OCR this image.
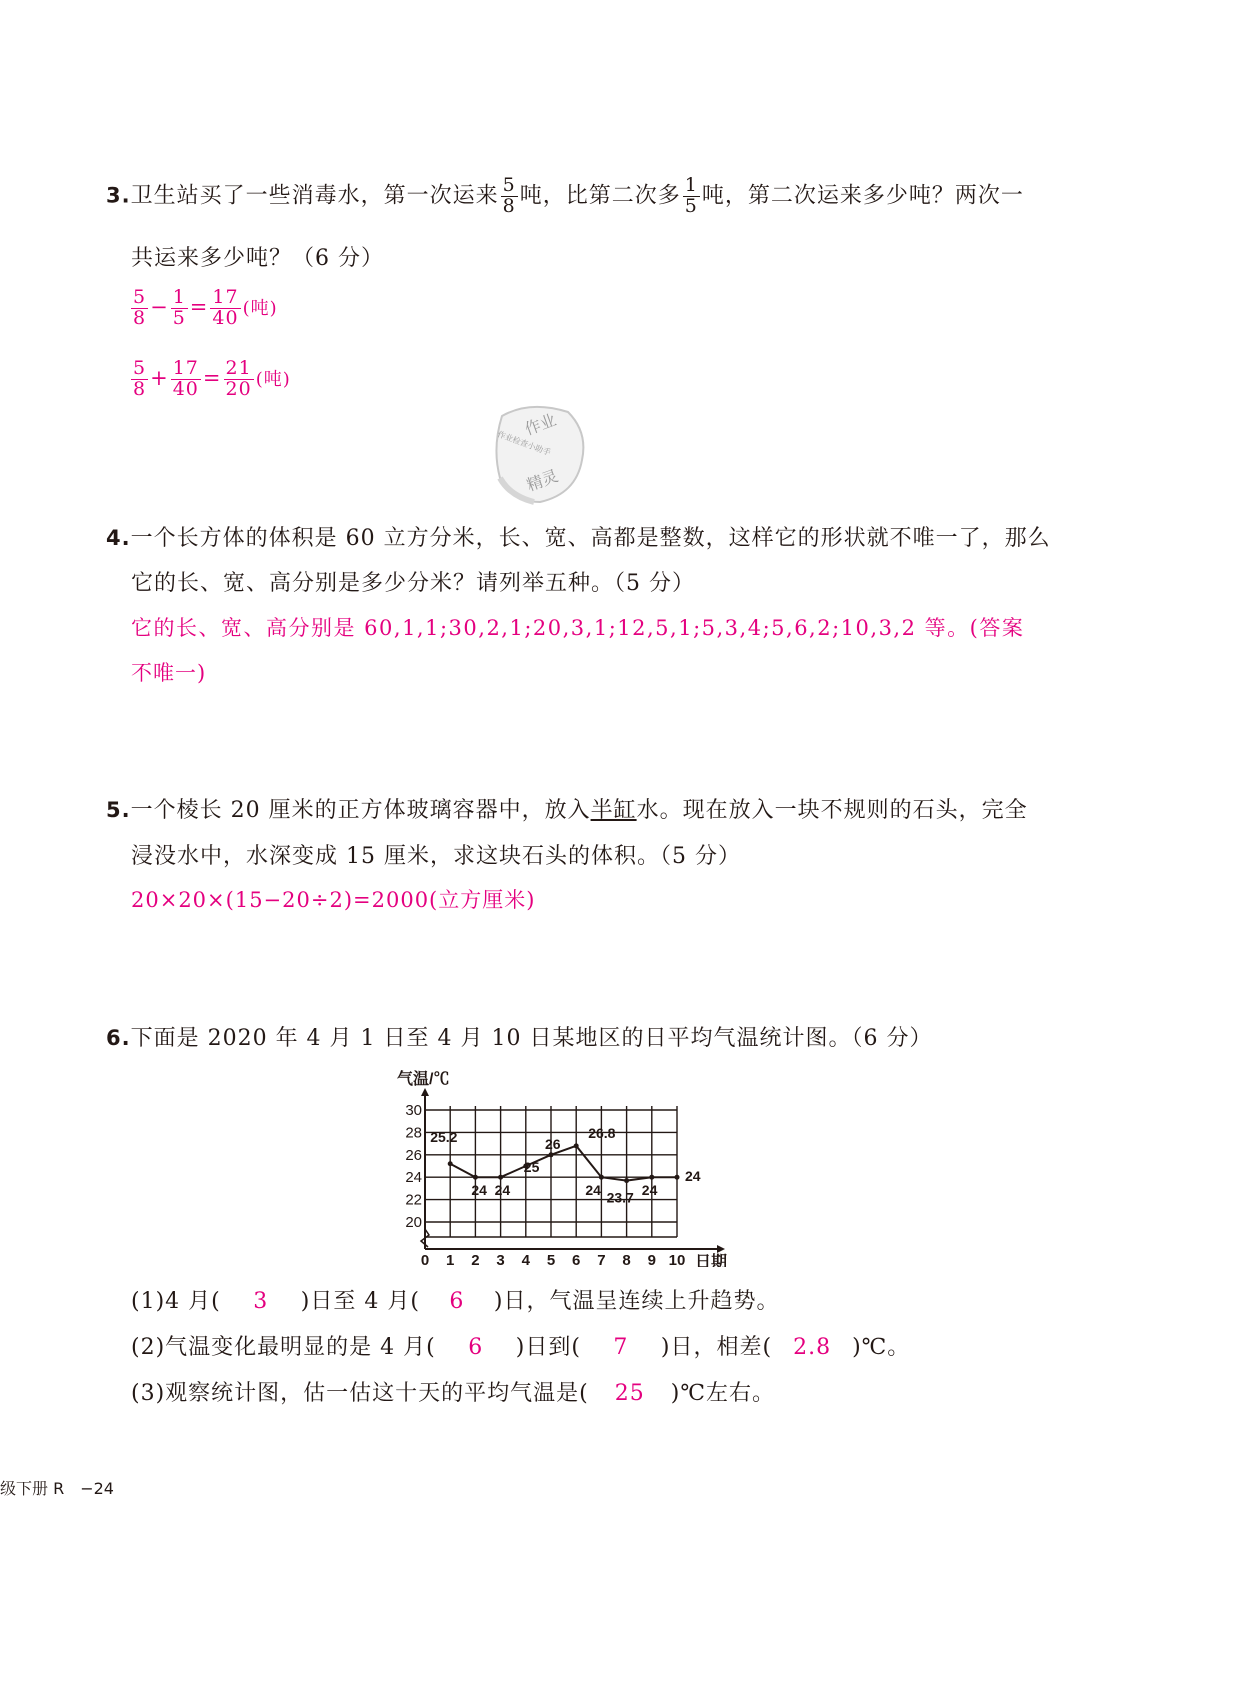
3.卫生站买了一些消毒水，第一次运来 $\frac{5}{8}$ 吨，比第二次多 $\frac{1}{5}$ 吨，第二次运来多少吨？两次一
共运来多少吨？（6 分）
$\frac{5}{8} - \frac{1}{5} = \frac{17}{40}$ (吨)
$\frac{5}{8} + \frac{17}{40} = \frac{21}{20}$ (吨)
作业
作业检查小助手
精灵
4.一个长方体的体积是 60 立方分米，长、宽、高都是整数，这样它的形状就不唯一了，那么
它的长、宽、高分别是多少分米？请列举五种。（5 分）
它的长、宽、高分别是 60,1,1;30,2,1;20,3,1;12,5,1;5,3,4;5,6,2;10,3,2 等。(答案
不唯一)
5.一个棱长 20 厘米的正方体玻璃容器中，放入半缸水。现在放入一块不规则的石头，完全
浸没水中，水深变成 15 厘米，求这块石头的体积。（5 分）
20×20×(15−20÷2)=2000(立方厘米)
6.下面是 2020 年 4 月 1 日至 4 月 10 日某地区的日平均气温统计图。（6 分）
20
22
24
26
28
30
0 1 2 3 4 5 6 7 8 9 10
气温/℃
日期
25.2
24 24
25
26
26.8
24 23.7 24
24
(1)4 月( 3 )日至 4 月( 6 )日，气温呈连续上升趋势。
(2)气温变化最明显的是 4 月( 6 )日到( 7 )日，相差( 2.8 )℃。
(3)观察统计图，估一估这十天的平均气温是( 25 )℃左右。
级下册 R −24
